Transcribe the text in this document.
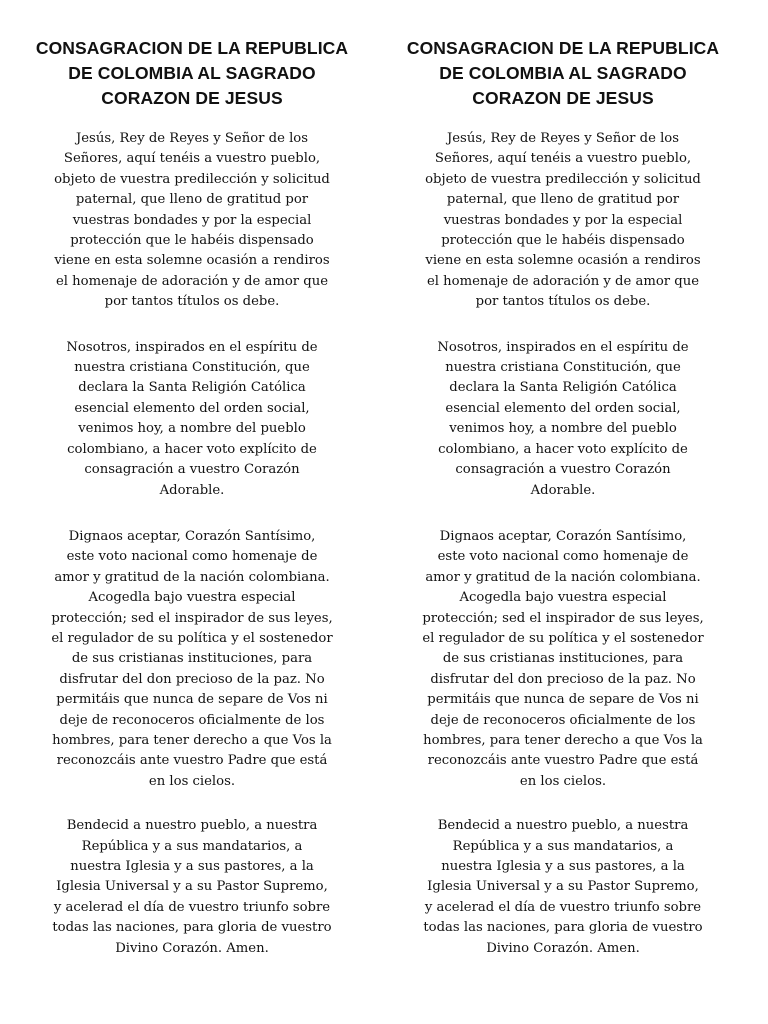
CONSAGRACION DE LA REPUBLICA
DE COLOMBIA AL SAGRADO
CORAZON DE JESUS
Jesús, Rey de Reyes y Señor de los
Señores, aquí tenéis a vuestro pueblo,
objeto de vuestra predilección y solicitud
paternal, que lleno de gratitud por
vuestras bondades y por la especial
protección que le habéis dispensado
viene en esta solemne ocasión a rendiros
el homenaje de adoración y de amor que
por tantos títulos os debe.
Nosotros, inspirados en el espíritu de
nuestra cristiana Constitución, que
declara la Santa Religión Católica
esencial elemento del orden social,
venimos hoy, a nombre del pueblo
colombiano, a hacer voto explícito de
consagración a vuestro Corazón
Adorable.
Dignaos aceptar, Corazón Santísimo,
este voto nacional como homenaje de
amor y gratitud de la nación colombiana.
Acogedla bajo vuestra especial
protección; sed el inspirador de sus leyes,
el regulador de su política y el sostenedor
de sus cristianas instituciones, para
disfrutar del don precioso de la paz. No
permitáis que nunca de separe de Vos ni
deje de reconoceros oficialmente de los
hombres, para tener derecho a que Vos la
reconozcáis ante vuestro Padre que está
en los cielos.
Bendecid a nuestro pueblo, a nuestra
República y a sus mandatarios, a
nuestra Iglesia y a sus pastores, a la
Iglesia Universal y a su Pastor Supremo,
y acelerad el día de vuestro triunfo sobre
todas las naciones, para gloria de vuestro
Divino Corazón. Amen.
CONSAGRACION DE LA REPUBLICA
DE COLOMBIA AL SAGRADO
CORAZON DE JESUS
Jesús, Rey de Reyes y Señor de los
Señores, aquí tenéis a vuestro pueblo,
objeto de vuestra predilección y solicitud
paternal, que lleno de gratitud por
vuestras bondades y por la especial
protección que le habéis dispensado
viene en esta solemne ocasión a rendiros
el homenaje de adoración y de amor que
por tantos títulos os debe.
Nosotros, inspirados en el espíritu de
nuestra cristiana Constitución, que
declara la Santa Religión Católica
esencial elemento del orden social,
venimos hoy, a nombre del pueblo
colombiano, a hacer voto explícito de
consagración a vuestro Corazón
Adorable.
Dignaos aceptar, Corazón Santísimo,
este voto nacional como homenaje de
amor y gratitud de la nación colombiana.
Acogedla bajo vuestra especial
protección; sed el inspirador de sus leyes,
el regulador de su política y el sostenedor
de sus cristianas instituciones, para
disfrutar del don precioso de la paz. No
permitáis que nunca de separe de Vos ni
deje de reconoceros oficialmente de los
hombres, para tener derecho a que Vos la
reconozcáis ante vuestro Padre que está
en los cielos.
Bendecid a nuestro pueblo, a nuestra
República y a sus mandatarios, a
nuestra Iglesia y a sus pastores, a la
Iglesia Universal y a su Pastor Supremo,
y acelerad el día de vuestro triunfo sobre
todas las naciones, para gloria de vuestro
Divino Corazón. Amen.
